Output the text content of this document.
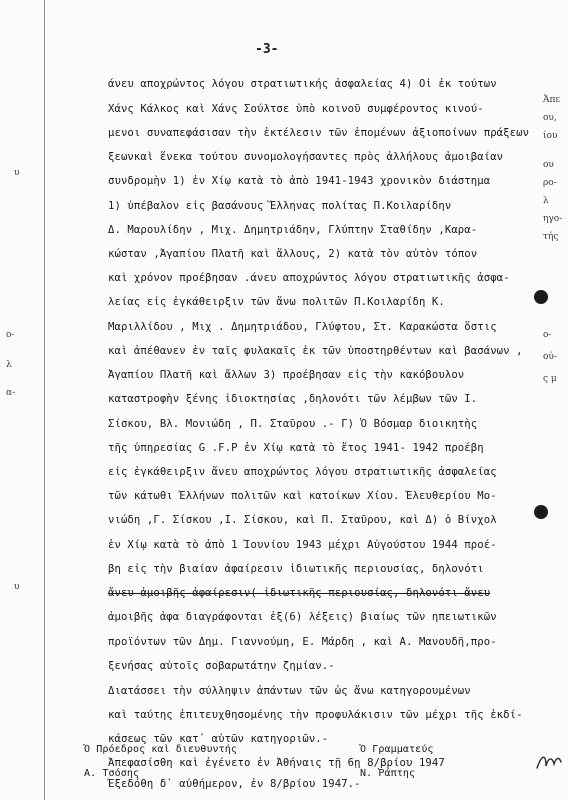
-3-
άνευ αποχρώντος λόγου στρατιωτικής ἀσφαλείας 4) Οἱ ἐκ τούτων
Χάνς Κάλκος καὶ Χάνς Σούλτσε ὑπὸ κοινοῦ συμφέροντος κινού-
μενοι συναπεφάσισαν τὴν ἐκτέλεσιν τῶν ἑπομένων ἀξιοποίνων πράξεων
ξεωνκαὶ ἕνεκα τούτου συνομολογήσαντες πρὸς ἀλλήλους ἀμοιβαίαν
συνδρομὴν 1) ἐν Χίῳ κατὰ τὸ ἀπὸ 1941-1943 χρονικὸν διάστημα
1) ὑπέβαλον εἰς βασάνους Ἕλληνας πολίτας Π.Κοιλαρίδην
Δ. Μαρουλίδην , Μιχ. Δημητριάδην, Γλύπτην Σταθίδην ,Καρα-
κώσταν ,Ἀγαπίου Πλατῆ καὶ ἄλλους, 2) κατὰ τὸν αὐτὸν τόπον
καὶ χρόνον προέβησαν .άνευ αποχρώντος λόγου στρατιωτικῆς ἀσφα-
λείας εἰς ἐγκάθειρξιν τῶν ἄνω πολιτῶν Π.Κοιλαρίδη Κ.
Μαριλλίδου , Μιχ . Δημητριάδου, Γλύφτου, Στ. Καρακώστα ὅστις
καὶ ἀπέθανεν ἐν ταῖς φυλακαῖς ἐκ τῶν ὑποστηρθέντων καὶ βασάνων ,
Ἀγαπίου Πλατῆ καὶ ἄλλων 3) προέβησαν εἰς τὴν κακόβουλον
καταστροφὴν ξένης ἰδιοκτησίας ,δηλονότι τῶν λέμβων τῶν Ι.
Σίσκου, Βλ. Μονιώδη , Π. Σταῦρου .- Γ) Ὁ Βόσμαρ διοικητὴς
τῆς ὑπηρεσίας G .F.P ἐν Χίῳ κατὰ τὸ ἔτος 1941- 1942 προέβη
εἰς ἐγκάθειρξιν ἄνευ αποχρώντος λόγου στρατιωτικῆς ἀσφαλείας
τῶν κάτωθι Ἑλλήνων πολιτῶν καὶ κατοίκων Χίου. Ἐλευθερίου Μο-
νιώδη ,Γ. Σίσκου ,Ι. Σίσκου, καὶ Π. Σταῦρου, καὶ Δ) ὁ Βίνχολ
ἐν Χίῳ κατὰ τὸ ἀπὸ 1 Ἰουνίου 1943 μέχρι Αὐγούστου 1944 προέ-
βη εἰς τὴν βιαίαν ἀφαίρεσιν ἰδιωτικῆς περιουσίας, δηλονότι
ἄνευ ἀμοιβῆς ἀφαίρεσιν( ἰδιωτικῆς περιουσίας, δηλονότι ἄνευ
ἀμοιβῆς ἀφα διαγράφονται ἐξ(6) λέξεις) βιαίως τῶν ηπειωτικῶν
προϊόντων τῶν Δημ. Γιαννούμη, Ε. Μάρδη , καὶ Α. Μανουδῆ,προ-
ξενήσας αὐτοῖς σοβαρωτάτην ζημίαν.-
Διατάσσει τὴν σύλληψιν ἁπάντων τῶν ὡς ἄνω κατηγορουμένων
καὶ ταύτης ἐπιτευχθησομένης τὴν προφυλάκισιν τῶν μέχρι τῆς ἐκδί-
κάσεως τῶν κατ᾽ αὐτῶν κατηγοριῶν.-
Ἀπεφασίσθη καὶ ἐγένετο ἐν Ἀθήναις τῇ 6ῃ 8/βρίου 1947
Ἐξεδόθη δ᾽ αὐθήμερον, ἐν 8/βρίου 1947.-
Ὁ Πρόεδρος καὶ διευθυντής
Α. Τσόσης
Ὁ Γραμματεύς
Ν. Ῥάπτης
Ἀπε
ου,
ίου
ου
ρο-
λ
ηγο-
τής
ο-
ού-
ς μ
υ
ο-
λ
α-
υ
